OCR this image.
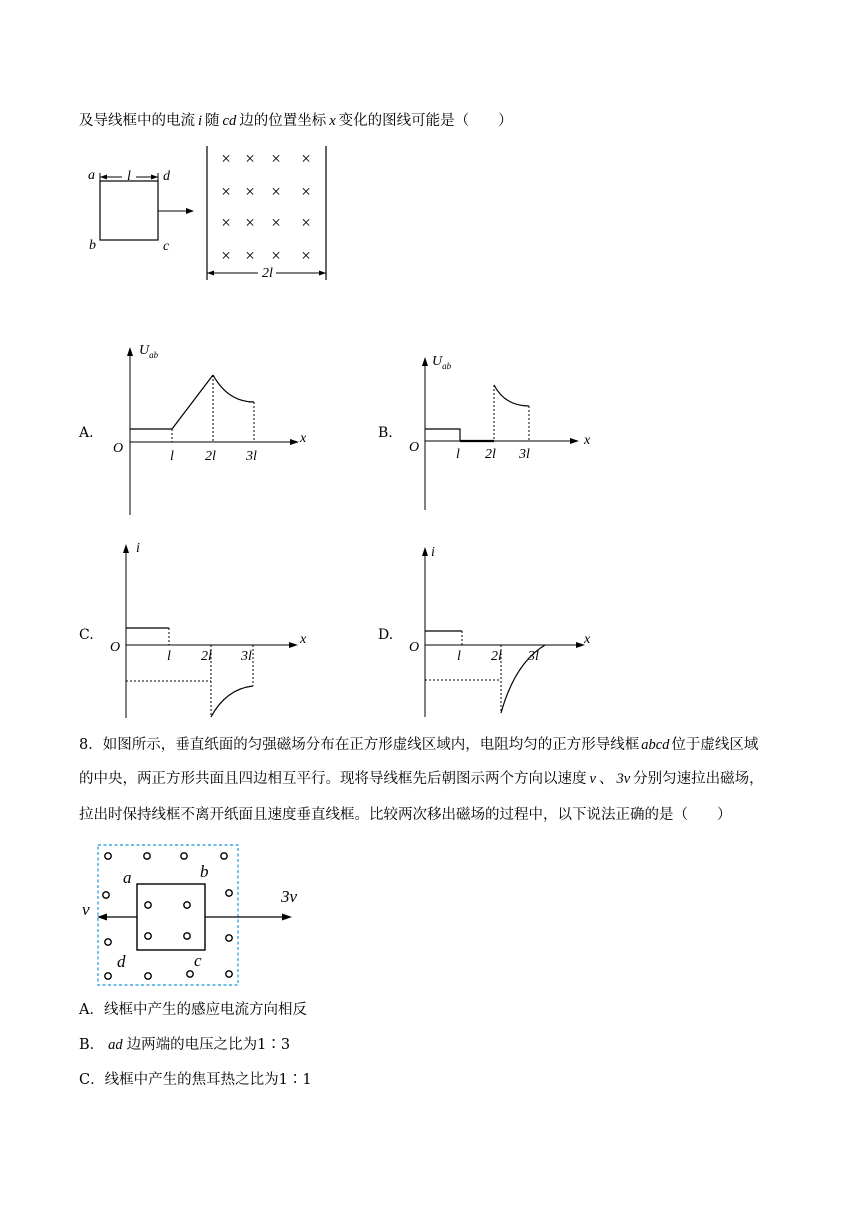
及导线框中的电流 i 随 cd 边的位置坐标 x 变化的图线可能是（　　）
× × × ×
× × × ×
× × × ×
× × × ×
a	d
b	c
l
2l
A.
$U_{ab}$
O
x
l 2l 3l
B.
$U_{ab}$
O	x
l 2l 3l
C.
i
O
x
l 2l 3l
D.
i
O
x
l 2l 3l
8．如图所示，垂直纸面的匀强磁场分布在正方形虚线区域内，电阻均匀的正方形导线框 abcd 位于虚线区域
的中央，两正方形共面且四边相互平行。现将导线框先后朝图示两个方向以速度 v 、 3v 分别匀速拉出磁场，
拉出时保持线框不离开纸面且速度垂直线框。比较两次移出磁场的过程中，以下说法正确的是（　　）
a	b
c
d
v
3v
A．线框中产生的感应电流方向相反
B． ad 边两端的电压之比为1∶3
C．线框中产生的焦耳热之比为1∶1
